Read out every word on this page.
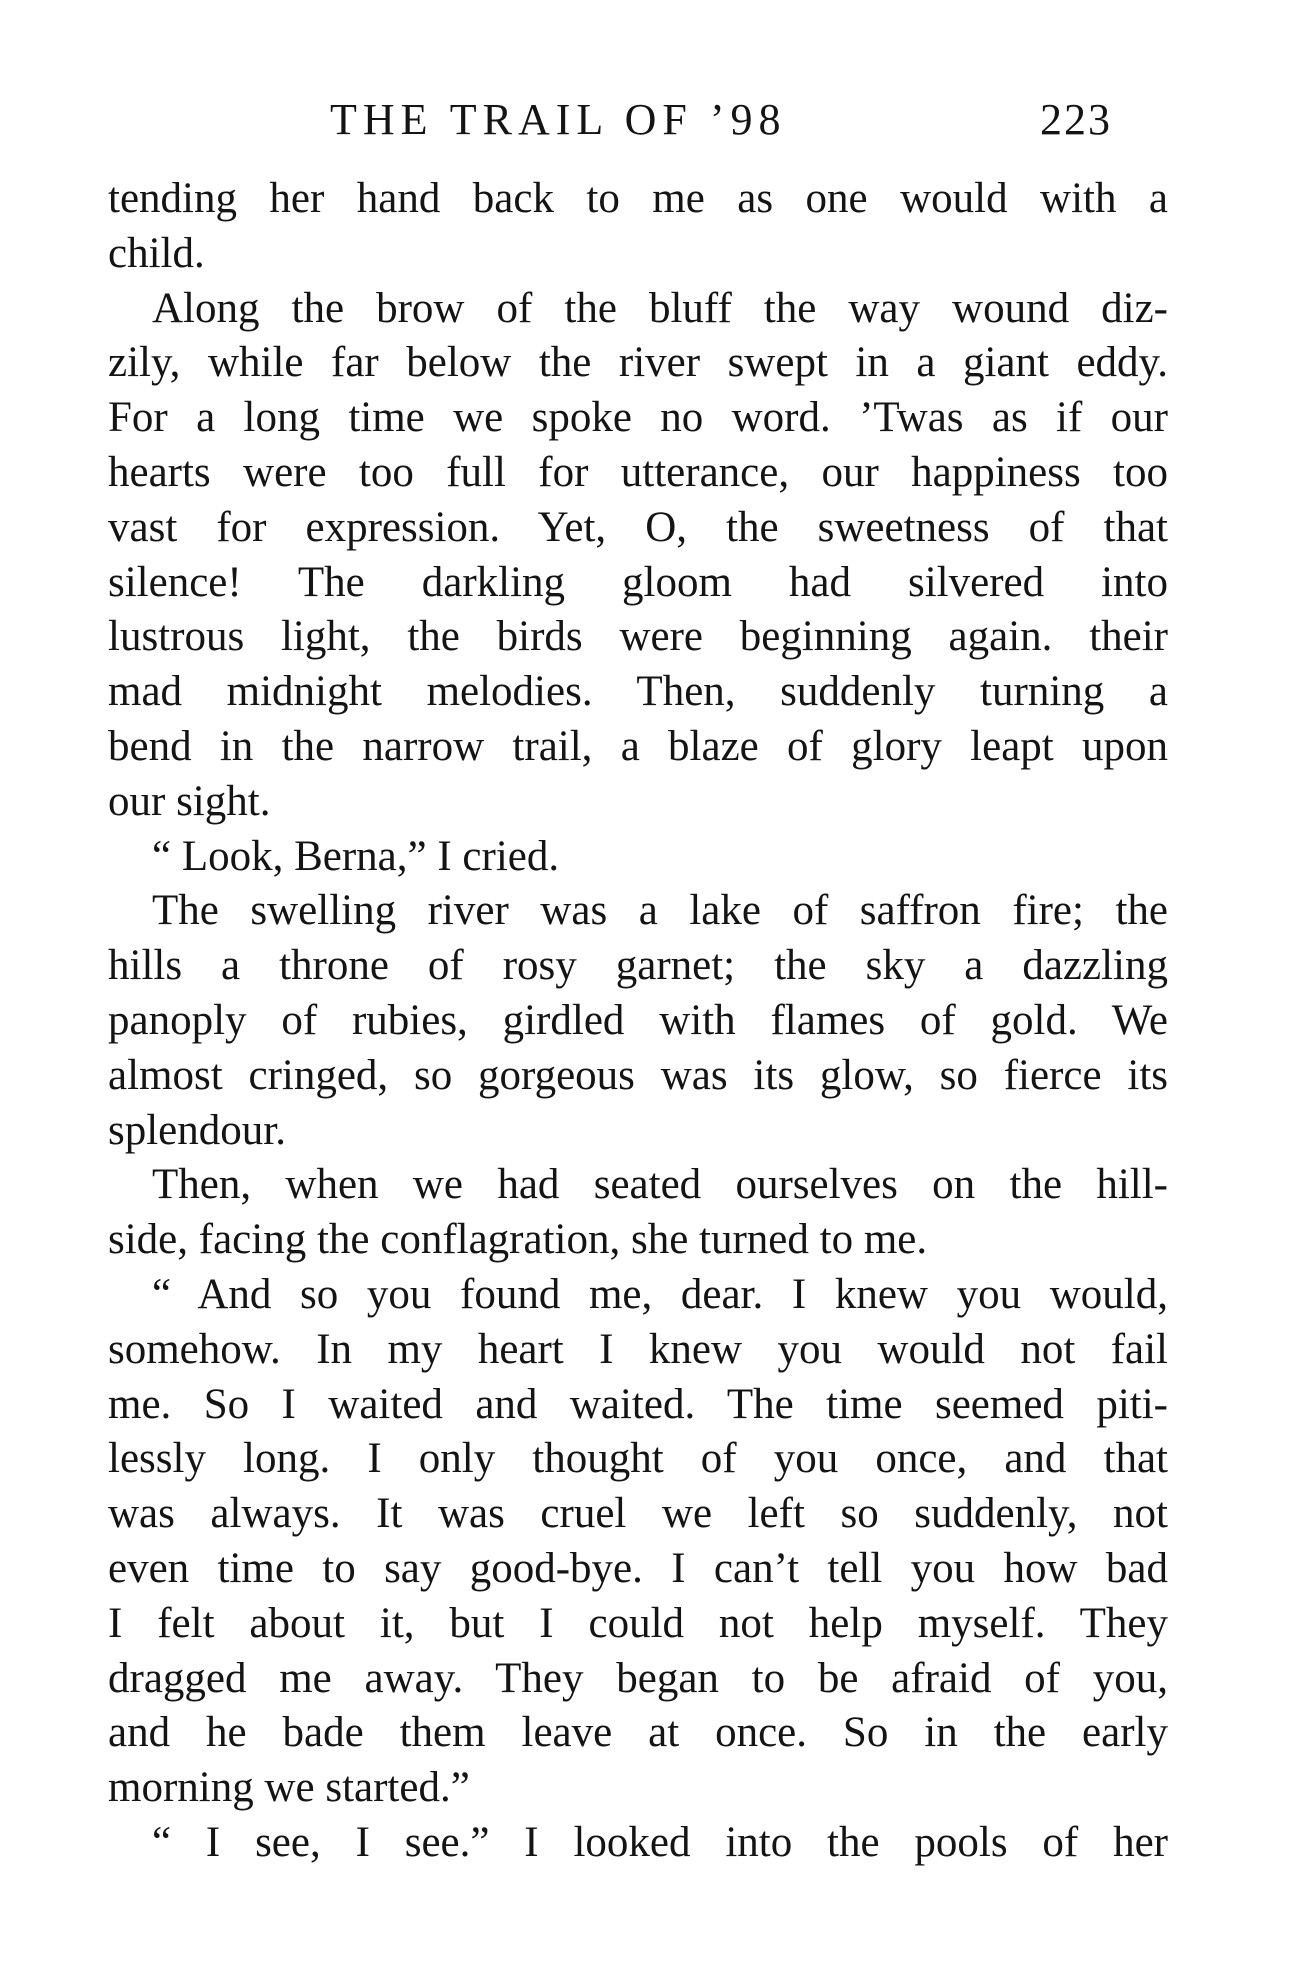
THE TRAIL OF ’98	223
tending her hand back to me as one would with a
child.
Along the brow of the bluff the way wound diz-
zily, while far below the river swept in a giant eddy.
For a long time we spoke no word. ’Twas as if our
hearts were too full for utterance, our happiness too
vast for expression. Yet, O, the sweetness of that
silence! The darkling gloom had silvered into
lustrous light, the birds were beginning again. their
mad midnight melodies. Then, suddenly turning a
bend in the narrow trail, a blaze of glory leapt upon
our sight.
“ Look, Berna,” I cried.
The swelling river was a lake of saffron fire; the
hills a throne of rosy garnet; the sky a dazzling
panoply of rubies, girdled with flames of gold. We
almost cringed, so gorgeous was its glow, so fierce its
splendour.
Then, when we had seated ourselves on the hill-
side, facing the conflagration, she turned to me.
“ And so you found me, dear. I knew you would,
somehow. In my heart I knew you would not fail
me. So I waited and waited. The time seemed piti-
lessly long. I only thought of you once, and that
was always. It was cruel we left so suddenly, not
even time to say good-bye. I can’t tell you how bad
I felt about it, but I could not help myself. They
dragged me away. They began to be afraid of you,
and he bade them leave at once. So in the early
morning we started.”
“ I see, I see.” I looked into the pools of her
